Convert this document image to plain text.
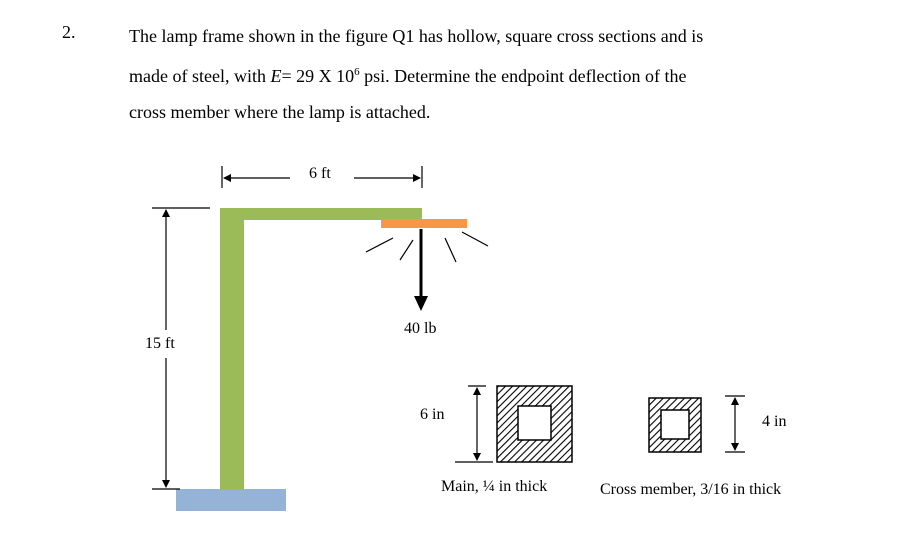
2.	The lamp frame shown in the figure Q1 has hollow, square cross sections and is
made of steel, with E= 29 X $10^6$ psi. Determine the endpoint deflection of the
cross member where the lamp is attached.
40 lb
6 ft
15 ft
6 in
Main, ¼ in thick
4 in
Cross member, 3/16 in thick
